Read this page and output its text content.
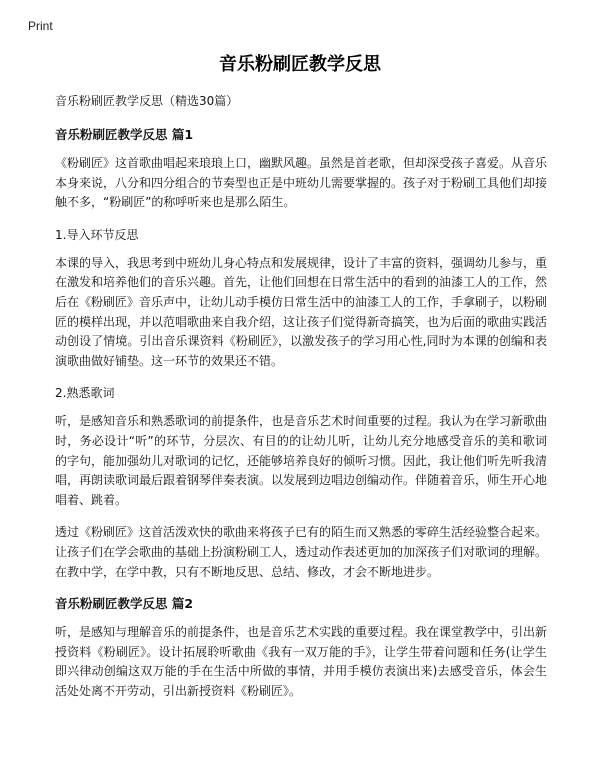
Print
音乐粉刷匠教学反思

音乐粉刷匠教学反思（精选30篇）

音乐粉刷匠教学反思 篇1

《粉刷匠》这首歌曲唱起来琅琅上口，幽默风趣。虽然是首老歌，但却深受孩子喜爱。从音乐本身来说，八分和四分组合的节奏型也正是中班幼儿需要掌握的。孩子对于粉刷工具他们却接触不多，“粉刷匠”的称呼听来也是那么陌生。

1.导入环节反思

本课的导入，我思考到中班幼儿身心特点和发展规律，设计了丰富的资料，强调幼儿参与，重在激发和培养他们的音乐兴趣。首先，让他们回想在日常生活中的看到的油漆工人的工作，然后在《粉刷匠》音乐声中，让幼儿动手模仿日常生活中的油漆工人的工作，手拿刷子，以粉刷匠的模样出现，并以范唱歌曲来自我介绍，这让孩子们觉得新奇搞笑，也为后面的歌曲实践活动创设了情境。引出音乐课资料《粉刷匠》，以激发孩子的学习用心性,同时为本课的创编和表演歌曲做好铺垫。这一环节的效果还不错。

2.熟悉歌词

听，是感知音乐和熟悉歌词的前提条件，也是音乐艺术时间重要的过程。我认为在学习新歌曲时，务必设计“听”的环节，分层次、有目的的让幼儿听，让幼儿充分地感受音乐的美和歌词的字句，能加强幼儿对歌词的记忆，还能够培养良好的倾听习惯。因此，我让他们听先听我清唱，再朗读歌词最后跟着钢琴伴奏表演。以发展到边唱边创编动作。伴随着音乐，师生开心地唱着、跳着。

透过《粉刷匠》这首活泼欢快的歌曲来将孩子已有的陌生而又熟悉的零碎生活经验整合起来。让孩子们在学会歌曲的基础上扮演粉刷工人，透过动作表述更加的加深孩子们对歌词的理解。在教中学，在学中教，只有不断地反思、总结、修改，才会不断地进步。

音乐粉刷匠教学反思 篇2

听，是感知与理解音乐的前提条件，也是音乐艺术实践的重要过程。我在课堂教学中，引出新授资料《粉刷匠》。设计拓展聆听歌曲《我有一双万能的手》，让学生带着问题和任务(让学生即兴律动创编这双万能的手在生活中所做的事情，并用手模仿表演出来)去感受音乐，体会生活处处离不开劳动，引出新授资料《粉刷匠》。
